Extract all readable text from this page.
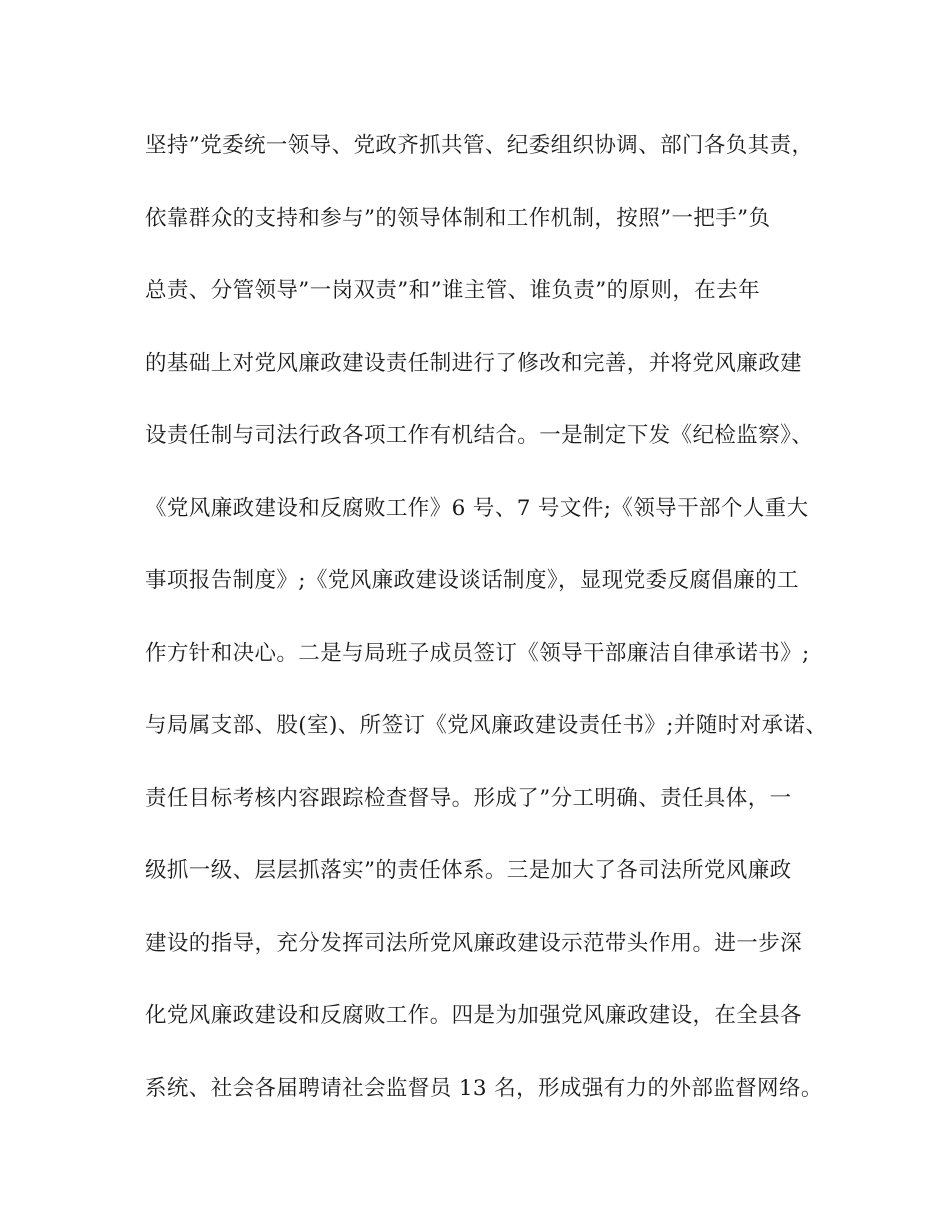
坚持”党委统一领导、党政齐抓共管、纪委组织协调、部门各负其责，
依靠群众的支持和参与”的领导体制和工作机制，按照”一把手”负
总责、分管领导”一岗双责”和”谁主管、谁负责”的原则，在去年
的基础上对党风廉政建设责任制进行了修改和完善，并将党风廉政建
设责任制与司法行政各项工作有机结合。一是制定下发《纪检监察》、
《党风廉政建设和反腐败工作》6 号、7 号文件;《领导干部个人重大
事项报告制度》;《党风廉政建设谈话制度》，显现党委反腐倡廉的工
作方针和决心。二是与局班子成员签订《领导干部廉洁自律承诺书》;
与局属支部、股(室)、所签订《党风廉政建设责任书》;并随时对承诺、
责任目标考核内容跟踪检查督导。形成了”分工明确、责任具体，一
级抓一级、层层抓落实”的责任体系。三是加大了各司法所党风廉政
建设的指导，充分发挥司法所党风廉政建设示范带头作用。进一步深
化党风廉政建设和反腐败工作。四是为加强党风廉政建设，在全县各
系统、社会各届聘请社会监督员 13 名，形成强有力的外部监督网络。
